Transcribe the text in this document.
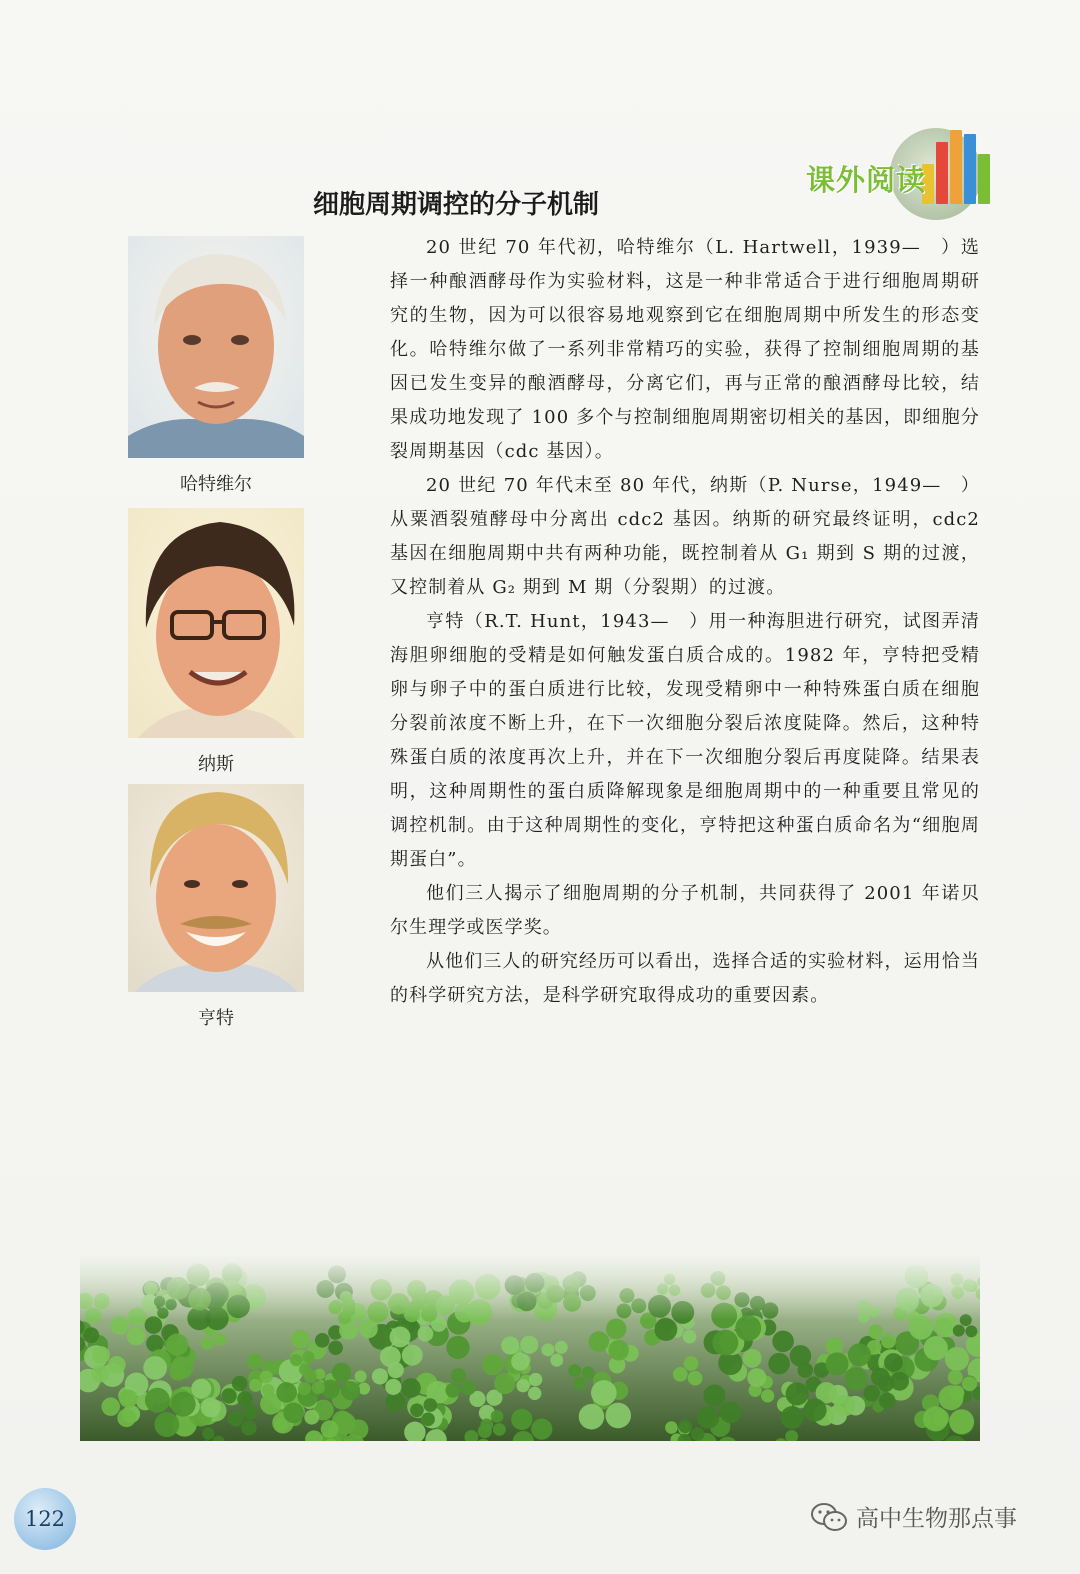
课外阅读
细胞周期调控的分子机制
哈特维尔
纳斯
亨特

20 世纪 70 年代初，哈特维尔（L. Hartwell，1939—　）选择一种酿酒酵母作为实验材料，这是一种非常适合于进行细胞周期研究的生物，因为可以很容易地观察到它在细胞周期中所发生的形态变化。哈特维尔做了一系列非常精巧的实验，获得了控制细胞周期的基因已发生变异的酿酒酵母，分离它们，再与正常的酿酒酵母比较，结果成功地发现了 100 多个与控制细胞周期密切相关的基因，即细胞分裂周期基因（cdc 基因）。

20 世纪 70 年代末至 80 年代，纳斯（P. Nurse，1949—　）从粟酒裂殖酵母中分离出 cdc2 基因。纳斯的研究最终证明，cdc2 基因在细胞周期中共有两种功能，既控制着从 G₁ 期到 S 期的过渡，又控制着从 G₂ 期到 M 期（分裂期）的过渡。

亨特（R.T. Hunt，1943—　）用一种海胆进行研究，试图弄清海胆卵细胞的受精是如何触发蛋白质合成的。1982 年，亨特把受精卵与卵子中的蛋白质进行比较，发现受精卵中一种特殊蛋白质在细胞分裂前浓度不断上升，在下一次细胞分裂后浓度陡降。然后，这种特殊蛋白质的浓度再次上升，并在下一次细胞分裂后再度陡降。结果表明，这种周期性的蛋白质降解现象是细胞周期中的一种重要且常见的调控机制。由于这种周期性的变化，亨特把这种蛋白质命名为“细胞周期蛋白”。

他们三人揭示了细胞周期的分子机制，共同获得了 2001 年诺贝尔生理学或医学奖。

从他们三人的研究经历可以看出，选择合适的实验材料，运用恰当的科学研究方法，是科学研究取得成功的重要因素。

122	高中生物那点事
